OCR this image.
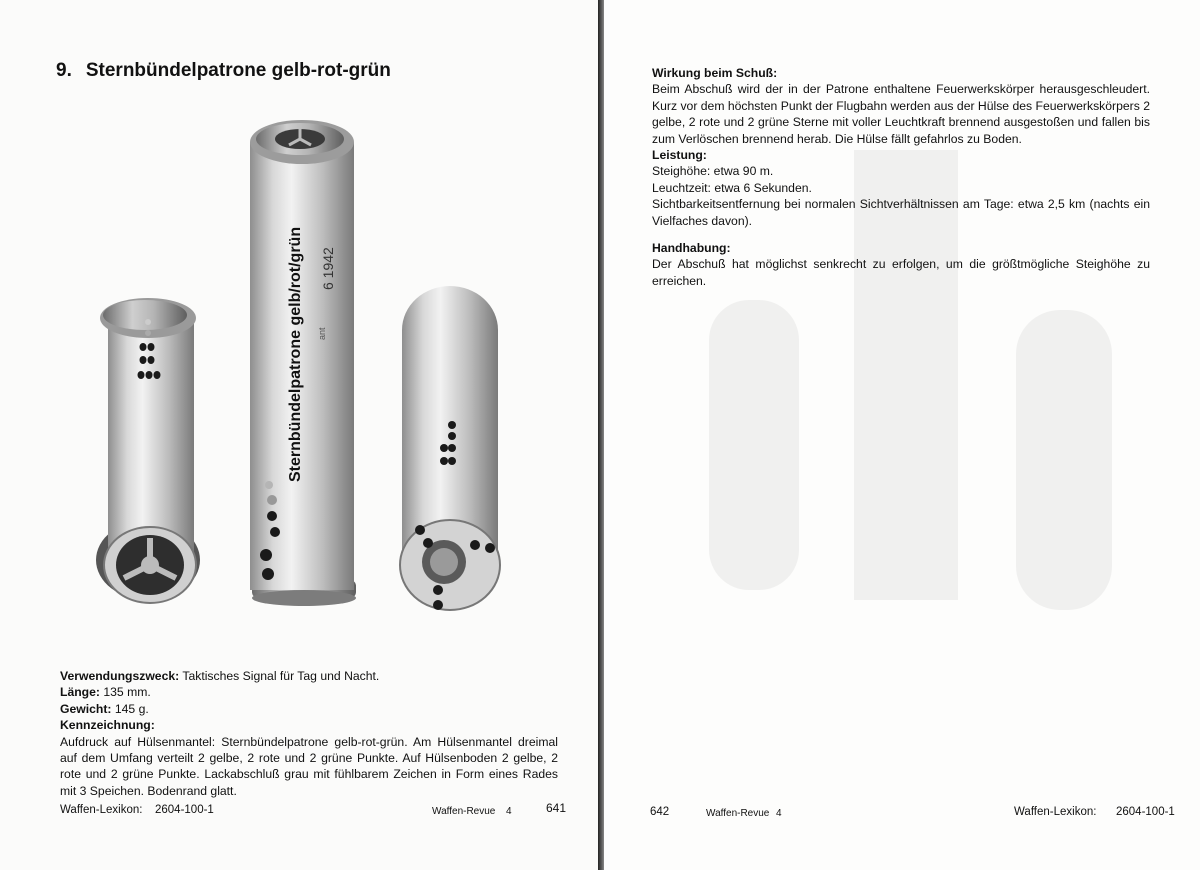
9. Sternbündelpatrone gelb-rot-grün
Sternbündelpatrone gelb/rot/grün 6 1942
ant

Verwendungszweck: Taktisches Signal für Tag und Nacht.

Länge: 135 mm.

Gewicht: 145 g.

Kennzeichnung:

Aufdruck auf Hülsenmantel: Sternbündelpatrone gelb-rot-grün. Am Hülsenmantel dreimal auf dem Umfang verteilt 2 gelbe, 2 rote und 2 grüne Punkte. Auf Hülsenboden 2 gelbe, 2 rote und 2 grüne Punkte. Lackabschluß grau mit fühlbarem Zeichen in Form eines Rades mit 3 Speichen. Bodenrand glatt.

Waffen-Lexikon: 2604-100-1	Waffen-Revue 4	641
Wirkung beim Schuß:

Beim Abschuß wird der in der Patrone enthaltene Feuerwerkskörper herausgeschleudert. Kurz vor dem höchsten Punkt der Flugbahn werden aus der Hülse des Feuerwerkskörpers 2 gelbe, 2 rote und 2 grüne Sterne mit voller Leuchtkraft brennend ausgestoßen und fallen bis zum Verlöschen brennend herab. Die Hülse fällt gefahrlos zu Boden.

Leistung:

Steighöhe: etwa 90 m.

Leuchtzeit: etwa 6 Sekunden.

Sichtbarkeitsentfernung bei normalen Sichtverhältnissen am Tage: etwa 2,5 km (nachts ein Vielfaches davon).

Handhabung:

Der Abschuß hat möglichst senkrecht zu erfolgen, um die größtmögliche Steighöhe zu erreichen.

642	Waffen-Revue 4	Waffen-Lexikon: 2604-100-1
